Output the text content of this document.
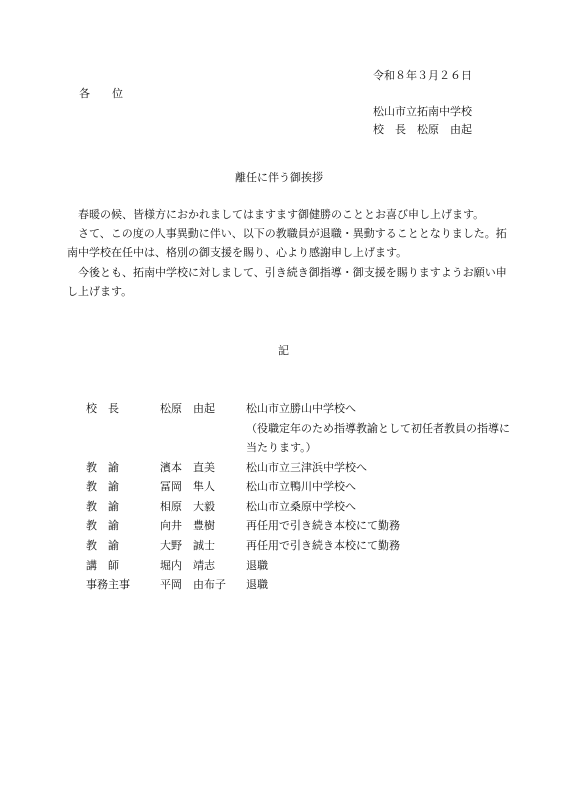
令和８年３月２６日
各　　位
松山市立拓南中学校
校　長　松原　由起
離任に伴う御挨拶

春暖の候、皆様方におかれましてはますます御健勝のこととお喜び申し上げます。

さて、この度の人事異動に伴い、以下の教職員が退職・異動することとなりました。拓南中学校在任中は、格別の御支援を賜り、心より感謝申し上げます。

今後とも、拓南中学校に対しまして、引き続き御指導・御支援を賜りますようお願い申し上げます。

記
校　長	松原　由起	松山市立勝山中学校へ
（役職定年のため指導教諭として初任者教員の指導に当たります。）
教　諭	濱本　直美	松山市立三津浜中学校へ
教　諭	冨岡　隼人	松山市立鴨川中学校へ
教　諭	相原　大毅	松山市立桑原中学校へ
教　諭	向井　豊樹	再任用で引き続き本校にて勤務
教　諭	大野　誠士	再任用で引き続き本校にて勤務
講　師	堀内　靖志	退職
事務主事	平岡　由布子 退職
